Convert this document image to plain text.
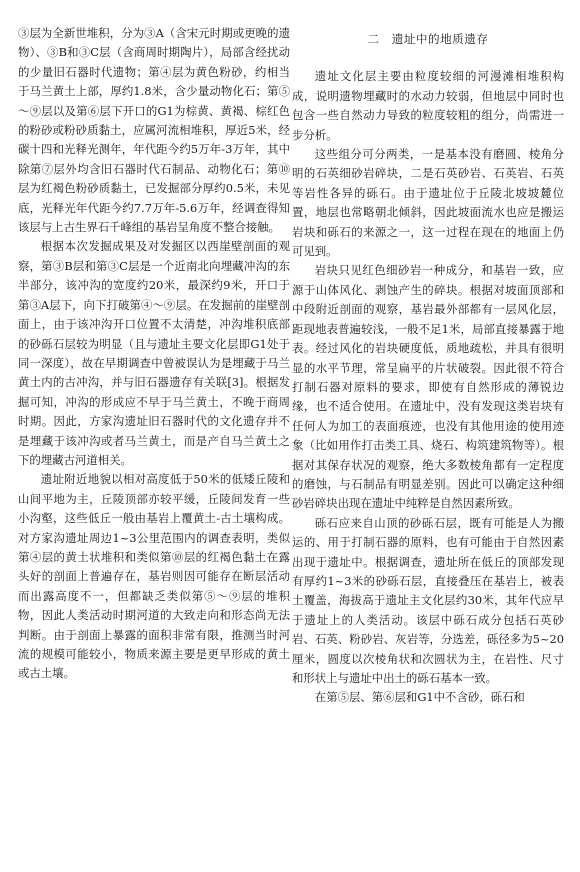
③层为全新世堆积，分为③A（含宋元时期或更晚的遗物）、③B和③C层（含商周时期陶片），局部含经扰动的少量旧石器时代遗物；第④层为黄色粉砂，约相当于马兰黄土上部，厚约1.8米，含少量动物化石；第⑤～⑨层以及第⑥层下开口的G1为棕黄、黄褐、棕红色的粉砂或粉砂质黏土，应属河流相堆积，厚近5米，经碳十四和光释光测年，年代距今约5万年-3万年，其中除第⑦层外均含旧石器时代石制品、动物化石；第⑩层为红褐色粉砂质黏土，已发掘部分厚约0.5米，未见底，光释光年代距今约7.7万年-5.6万年，经调查得知该层与上古生界石千峰组的基岩呈角度不整合接触。

根据本次发掘成果及对发掘区以西崖壁剖面的观察，第③B层和第③C层是一个近南北向埋藏冲沟的东半部分，该冲沟的宽度约20米，最深约9米，开口于第③A层下，向下打破第④～⑨层。在发掘前的崖壁剖面上，由于该冲沟开口位置不太清楚，冲沟堆积底部的砂砾石层较为明显（且与遗址主要文化层即G1处于同一深度），故在早期调查中曾被误认为是埋藏于马兰黄土内的古冲沟，并与旧石器遗存有关联[3]。根据发掘可知，冲沟的形成应不早于马兰黄土，不晚于商周时期。因此，方家沟遗址旧石器时代的文化遗存并不是埋藏于该冲沟或者马兰黄土，而是产自马兰黄土之下的埋藏古河道相关。

遗址附近地貌以相对高度低于50米的低矮丘陵和山间平地为主，丘陵顶部亦较平缓，丘陵间发育一些小沟壑，这些低丘一般由基岩上覆黄土-古土壤构成。对方家沟遗址周边1~3公里范围内的调查表明，类似第④层的黄土状堆积和类似第⑩层的红褐色黏土在露头好的剖面上普遍存在，基岩则因可能存在断层活动而出露高度不一，但都缺乏类似第⑤～⑨层的堆积物，因此人类活动时期河道的大致走向和形态尚无法判断。由于剖面上暴露的面积非常有限，推测当时河流的规模可能较小，物质来源主要是更早形成的黄土或古土壤。

二　遗址中的地质遗存

遗址文化层主要由粒度较细的河漫滩相堆积构成，说明遗物埋藏时的水动力较弱，但地层中同时也包含一些自然动力导致的粒度较粗的组分，尚需进一步分析。

这些组分可分两类，一是基本没有磨圆、棱角分明的石英细砂岩碎块，二是石英砂岩、石英岩、石英等岩性各异的砾石。由于遗址位于丘陵北坡坡麓位置，地层也常略朝北倾斜，因此坡面流水也应是搬运岩块和砾石的来源之一，这一过程在现在的地面上仍可见到。

岩块只见红色细砂岩一种成分，和基岩一致，应源于山体风化、剥蚀产生的碎块。根据对坡面顶部和中段附近剖面的观察，基岩最外部都有一层风化层，距现地表普遍较浅，一般不足1米，局部直接暴露于地表。经过风化的岩块硬度低，质地疏松，并具有很明显的水平节理，常呈扁平的片状破裂。因此很不符合打制石器对原料的要求，即使有自然形成的薄锐边缘，也不适合使用。在遗址中，没有发现这类岩块有任何人为加工的表面痕迹，也没有其他用途的使用迹象（比如用作打击类工具、烧石、构筑建筑物等）。根据对其保存状况的观察，绝大多数棱角都有一定程度的磨蚀，与石制品有明显差别。因此可以确定这种细砂岩碎块出现在遗址中纯粹是自然因素所致。

砾石应来自山顶的砂砾石层，既有可能是人为搬运的、用于打制石器的原料，也有可能由于自然因素出现于遗址中。根据调查，遗址所在低丘的顶部发现有厚约1~3米的砂砾石层，直接叠压在基岩上，被表土覆盖，海拔高于遗址主文化层约30米，其年代应早于遗址上的人类活动。该层中砾石成分包括石英砂岩、石英、粉砂岩、灰岩等，分选差，砾径多为5~20厘米，圆度以次棱角状和次圆状为主，在岩性、尺寸和形状上与遗址中出土的砾石基本一致。

在第⑤层、第⑥层和G1中不含砂，砾石和
